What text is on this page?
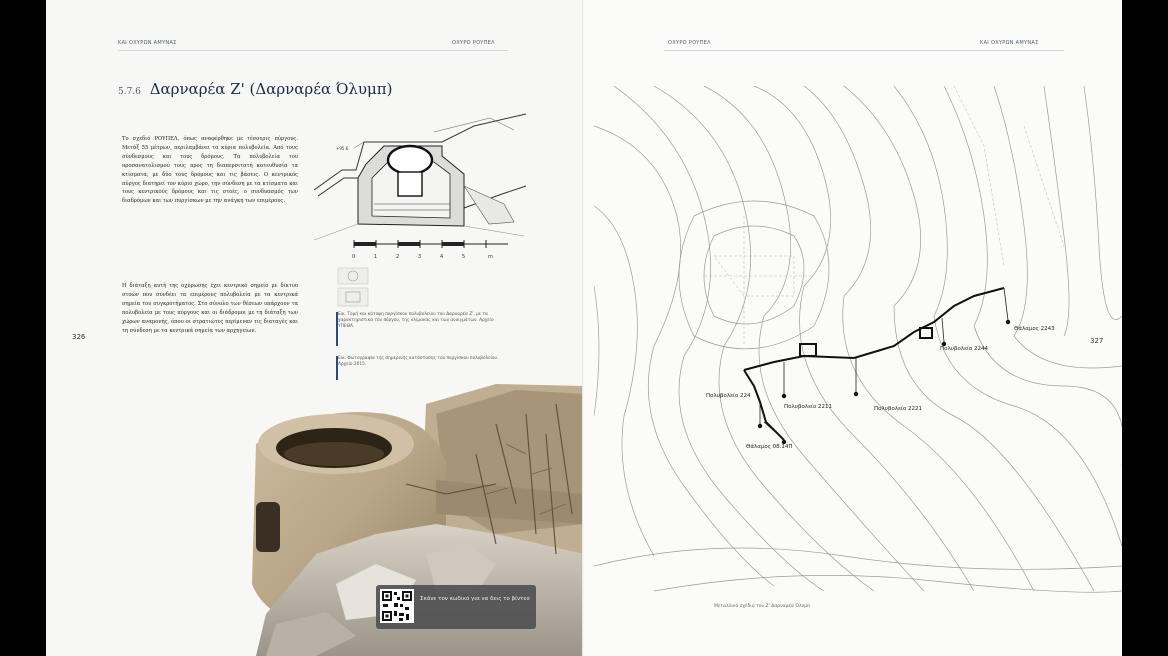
ΚΑΙ ΟΧΥΡΩΝ ΑΜΥΝΑΣ	ΟΧΥΡΟ ΡΟΥΠΕΛ
5.7.6 Δαρναρέα Ζ' (Δαρναρέα Όλυμπ)
326
Το σχεδιό ΡΟΥΠΕΛ, όπως αναφέρθηκε με τέσσερις πύργους. Μετάξ 55 μέτρων, περιλαμβάνει τα κύρια πολυβολεία. Από τους σύνδεσμους και τους δρόμους. Τα πολυβολεία του προσανατολισμού τους προς τη διαπερσιτατή κατευθυσία τα κτίσματα, με δύο τους δρόμους και τις βάσεις. Ο κεντρικός πύργος διατηρεί τον κύριο χώρο, την σύνδεση με τα κτίσματα και τους κεντρικούς δρόμους και τις στοές, ο συνδυασμός των διαδρόμων και των πυργίσκων με την ανάγκη των επιμέρους.
Η διάταξη αυτή της οχύρωσης έχει κεντρικό σημείο με δίκτυο στοών που συνδέει τα επιμέρους πολυβολεία με τα κεντρικά σημεία του συγκροτήματος. Στο σύνολο των θέσεων υπάρχουν τα πολυβολεία με τους πύργους και οι διάδρομοι με τη διάταξη των χώρων αναμονής, όπου οι στρατιώτες περίμεναν τις διαταγές και τη σύνδεση με τα κεντρικά σημεία των αρχηγείων.
+95.6
0	1	2	3	4	5	m
Εικ. Τομή και κάτοψη πυργίσκου πολυβολείου του Δαρναρέα Ζ', με τα χαρακτηριστικά του πύργου, της κλίμακας και των ανοιγμάτων. Αρχείο ΥΠΕΘΑ.
Εικ. Φωτογραφία της σημερινής κατάστασης του πυργίσκου πολυβολείου. Αρχείο 2015.
Σκάνε τον κωδικό για να δεις το βίντεο
ΟΧΥΡΟ ΡΟΥΠΕΛ	ΚΑΙ ΟΧΥΡΩΝ ΑΜΥΝΑΣ
327
Πολυβολείο 224
Πολυβολείο 2211	Πολυβολείο 2221
Πολυβολείο 2244
Θάλαμος 2243
Θάλαμος 08.14Π
Μεταλλικό σχέδιο του Ζ' Δαρναρέα Όλυμπ
